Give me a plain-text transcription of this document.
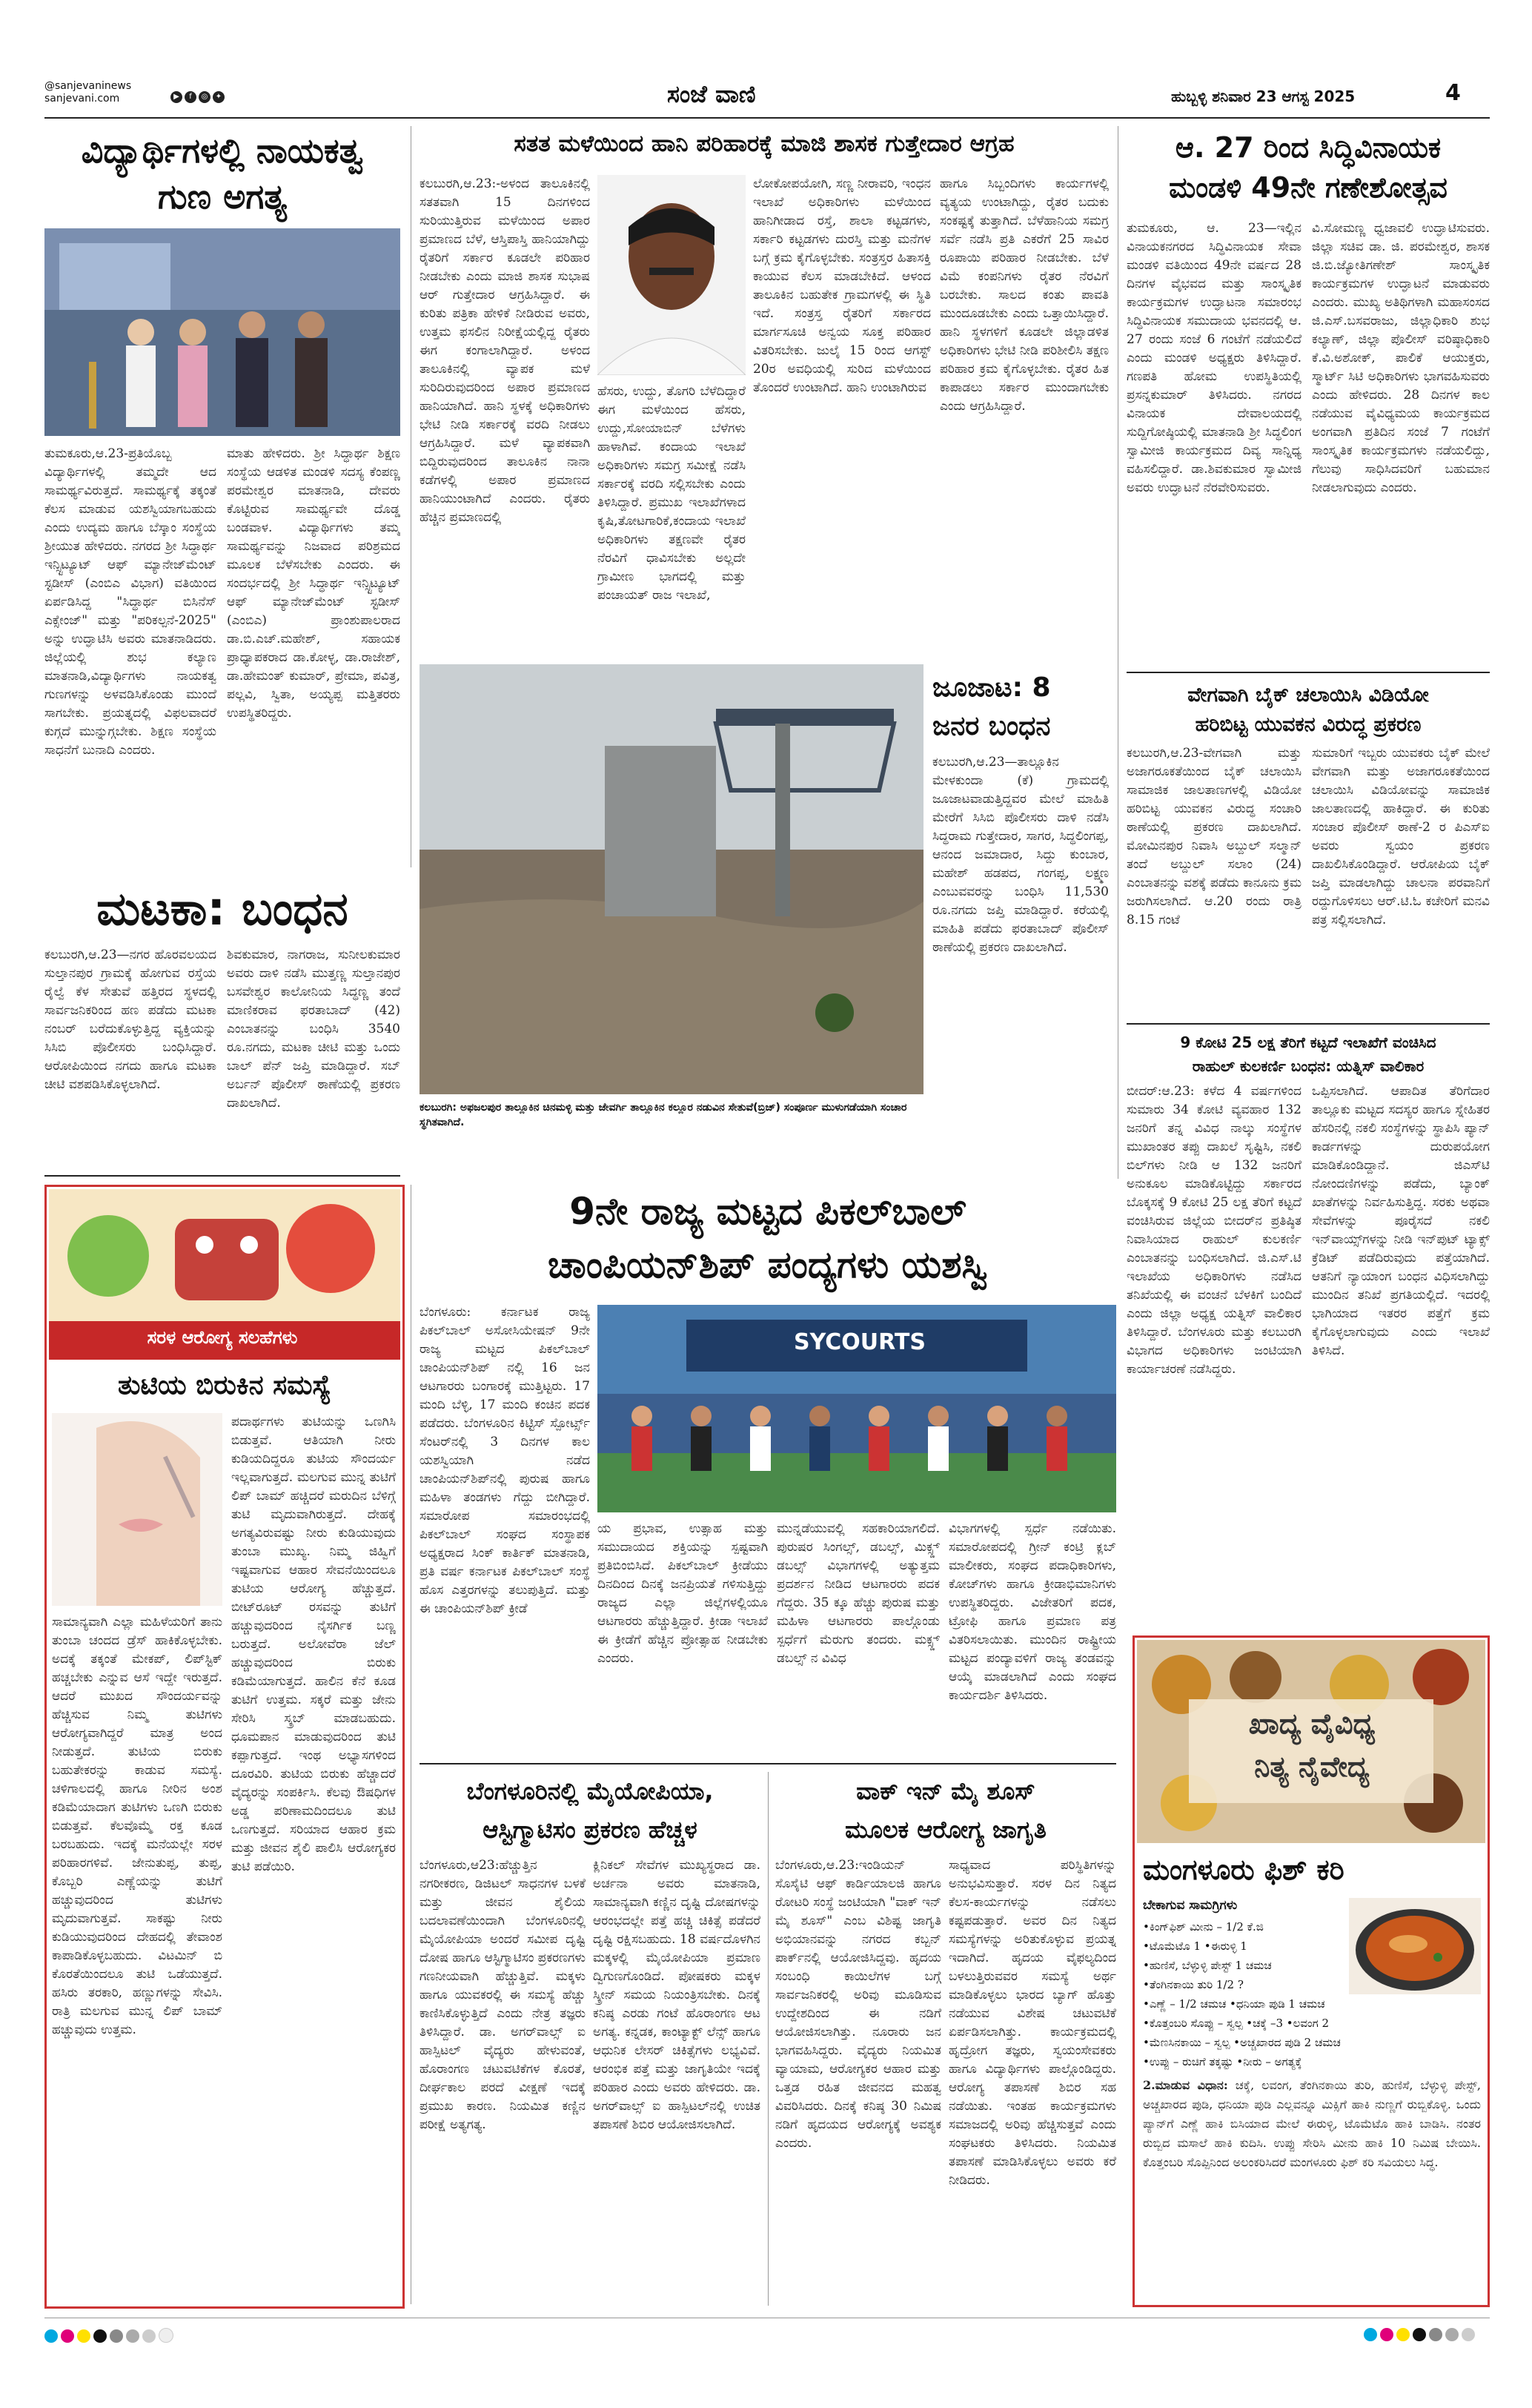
@sanjevaninews
sanjevani.com	▶ f ◎ ✦	ಸಂಜೆ ವಾಣಿ	ಹುಬ್ಬಳ್ಳಿ ಶನಿವಾರ 23 ಆಗಸ್ಟ 2025	4
ವಿದ್ಯಾರ್ಥಿಗಳಲ್ಲಿ ನಾಯಕತ್ವ
ಗುಣ ಅಗತ್ಯ
ತುಮಕೂರು,ಆ.23-ಪ್ರತಿಯೊಬ್ಬ ವಿದ್ಯಾರ್ಥಿಗಳಲ್ಲಿ ತಮ್ಮದೇ ಆದ ಸಾಮರ್ಥ್ಯವಿರುತ್ತದೆ. ಸಾಮರ್ಥ್ಯಕ್ಕೆ ತಕ್ಕಂತೆ ಕೆಲಸ ಮಾಡುವ ಯಶಸ್ವಿಯಾಗಬಹುದು ಎಂದು ಉದ್ಯಮ ಹಾಗೂ ಬೆಸ್ಕಾಂ ಸಂಸ್ಥೆಯ ಶ್ರೀಯುತ ಹೇಳಿದರು. ನಗರದ ಶ್ರೀ ಸಿದ್ಧಾರ್ಥ ಇನ್ಸ್ಟಿಟ್ಯೂಟ್ ಆಫ್ ಮ್ಯಾನೇಜ್‌ಮೆಂಟ್ ಸ್ಟಡೀಸ್ (ಎಂಬಿಎ ವಿಭಾಗ) ವತಿಯಿಂದ ಏರ್ಪಡಿಸಿದ್ದ "ಸಿದ್ಧಾರ್ಥ ಬಿಸಿನೆಸ್ ಎಕ್ಸೇಂಜ್" ಮತ್ತು "ಪರಿಕಲ್ಪನೆ-2025" ಅನ್ನು ಉದ್ಘಾಟಿಸಿ ಅವರು ಮಾತನಾಡಿದರು. ಜಿಲ್ಲೆಯಲ್ಲಿ ಶುಭ ಕಲ್ಯಾಣ ಮಾತನಾಡಿ,ವಿದ್ಯಾರ್ಥಿಗಳು ನಾಯಕತ್ವ ಗುಣಗಳನ್ನು ಅಳವಡಿಸಿಕೊಂಡು ಮುಂದೆ ಸಾಗಬೇಕು. ಪ್ರಯತ್ನದಲ್ಲಿ ವಿಫಲವಾದರೆ ಕುಗ್ಗದೆ ಮುನ್ನುಗ್ಗಬೇಕು. ಶಿಕ್ಷಣ ಸಂಸ್ಥೆಯ ಸಾಧನೆಗೆ ಬುನಾದಿ ಎಂದರು.
ಮಾತು ಹೇಳಿದರು. ಶ್ರೀ ಸಿದ್ಧಾರ್ಥ ಶಿಕ್ಷಣ ಸಂಸ್ಥೆಯ ಆಡಳಿತ ಮಂಡಳಿ ಸದಸ್ಯ ಕೆಂಪಣ್ಣ ಪರಮೇಶ್ವರ ಮಾತನಾಡಿ, ದೇವರು ಕೊಟ್ಟಿರುವ ಸಾಮರ್ಥ್ಯವೇ ದೊಡ್ಡ ಬಂಡವಾಳ. ವಿದ್ಯಾರ್ಥಿಗಳು ತಮ್ಮ ಸಾಮರ್ಥ್ಯವನ್ನು ನಿಜವಾದ ಪರಿಶ್ರಮದ ಮೂಲಕ ಬೆಳೆಸಬೇಕು ಎಂದರು. ಈ ಸಂದರ್ಭದಲ್ಲಿ ಶ್ರೀ ಸಿದ್ಧಾರ್ಥ ಇನ್ಸ್ಟಿಟ್ಯೂಟ್ ಆಫ್ ಮ್ಯಾನೇಜ್‌ಮೆಂಟ್ ಸ್ಟಡೀಸ್ (ಎಂಬಿಎ) ಪ್ರಾಂಶುಪಾಲರಾದ ಡಾ.ಬಿ.ಎಚ್.ಮಹೇಶ್, ಸಹಾಯಕ ಪ್ರಾಧ್ಯಾಪಕರಾದ ಡಾ.ಕೋಳ್ಳ, ಡಾ.ರಾಜೇಶ್, ಡಾ.ಹೇಮಂತ್ ಕುಮಾರ್, ಪ್ರೇಮಾ, ಪವಿತ್ರ, ಪಲ್ಲವಿ, ಸ್ವಿತಾ, ಅಯ್ಯಪ್ಪ ಮತ್ತಿತರರು ಉಪಸ್ಥಿತರಿದ್ದರು.
ಮಟಕಾ: ಬಂಧನ
ಕಲಬುರಗಿ,ಆ.23—ನಗರ ಹೊರವಲಯದ ಸುಲ್ತಾನಪುರ ಗ್ರಾಮಕ್ಕೆ ಹೋಗುವ ರಸ್ತೆಯ ರೈಲ್ವೆ ಕೆಳ ಸೇತುವೆ ಹತ್ತಿರದ ಸ್ಥಳದಲ್ಲಿ ಸಾರ್ವಜನಿಕರಿಂದ ಹಣ ಪಡೆದು ಮಟಕಾ ನಂಬರ್ ಬರೆದುಕೊಳ್ಳುತ್ತಿದ್ದ ವ್ಯಕ್ತಿಯನ್ನು ಸಿಸಿಬಿ ಪೊಲೀಸರು ಬಂಧಿಸಿದ್ದಾರೆ. ಆರೋಪಿಯಿಂದ ನಗದು ಹಾಗೂ ಮಟಕಾ ಚೀಟಿ ವಶಪಡಿಸಿಕೊಳ್ಳಲಾಗಿದೆ.
ಶಿವಕುಮಾರ, ನಾಗರಾಜ, ಸುನೀಲಕುಮಾರ ಅವರು ದಾಳಿ ನಡೆಸಿ ಮುತ್ತಣ್ಣ ಸುಲ್ತಾನಪುರ ಬಸವೇಶ್ವರ ಕಾಲೋನಿಯ ಸಿದ್ಧಣ್ಣ ತಂದೆ ಮಾಣಿಕರಾವ ಫರತಾಬಾದ್ (42) ಎಂಬಾತನನ್ನು ಬಂಧಿಸಿ 3540 ರೂ.ನಗದು, ಮಟಕಾ ಚೀಟಿ ಮತ್ತು ಒಂದು ಬಾಲ್ ಪೆನ್ ಜಪ್ತಿ ಮಾಡಿದ್ದಾರೆ. ಸಬ್ ಅರ್ಬನ್ ಪೊಲೀಸ್ ಠಾಣೆಯಲ್ಲಿ ಪ್ರಕರಣ ದಾಖಲಾಗಿದೆ.
ಸತತ ಮಳೆಯಿಂದ ಹಾನಿ ಪರಿಹಾರಕ್ಕೆ ಮಾಜಿ ಶಾಸಕ ಗುತ್ತೇದಾರ ಆಗ್ರಹ
ಕಲಬುರಗಿ,ಆ.23:-ಅಳಂದ ತಾಲೂಕಿನಲ್ಲಿ ಸತತವಾಗಿ 15 ದಿನಗಳಿಂದ ಸುರಿಯುತ್ತಿರುವ ಮಳೆಯಿಂದ ಅಪಾರ ಪ್ರಮಾಣದ ಬೆಳೆ, ಆಸ್ತಿಪಾಸ್ತಿ ಹಾನಿಯಾಗಿದ್ದು ರೈತರಿಗೆ ಸರ್ಕಾರ ಕೂಡಲೇ ಪರಿಹಾರ ನೀಡಬೇಕು ಎಂದು ಮಾಜಿ ಶಾಸಕ ಸುಭಾಷ ಆರ್ ಗುತ್ತೇದಾರ ಆಗ್ರಹಿಸಿದ್ದಾರೆ. ಈ ಕುರಿತು ಪತ್ರಿಕಾ ಹೇಳಿಕೆ ನೀಡಿರುವ ಅವರು, ಉತ್ತಮ ಫಸಲಿನ ನಿರೀಕ್ಷೆಯಲ್ಲಿದ್ದ ರೈತರು ಈಗ ಕಂಗಾಲಾಗಿದ್ದಾರೆ. ಅಳಂದ ತಾಲೂಕಿನಲ್ಲಿ ವ್ಯಾಪಕ ಮಳೆ ಸುರಿದಿರುವುದರಿಂದ ಅಪಾರ ಪ್ರಮಾಣದ ಹಾನಿಯಾಗಿದೆ. ಹಾನಿ ಸ್ಥಳಕ್ಕೆ ಅಧಿಕಾರಿಗಳು ಭೇಟಿ ನೀಡಿ ಸರ್ಕಾರಕ್ಕೆ ವರದಿ ನೀಡಲು ಆಗ್ರಹಿಸಿದ್ದಾರೆ. ಮಳೆ ವ್ಯಾಪಕವಾಗಿ ಬಿದ್ದಿರುವುದರಿಂದ ತಾಲೂಕಿನ ನಾನಾ ಕಡೆಗಳಲ್ಲಿ ಅಪಾರ ಪ್ರಮಾಣದ ಹಾನಿಯುಂಟಾಗಿದೆ ಎಂದರು. ರೈತರು ಹೆಚ್ಚಿನ ಪ್ರಮಾಣದಲ್ಲಿ
ಹೆಸರು, ಉದ್ದು, ತೊಗರಿ ಬೆಳೆದಿದ್ದಾರೆ ಈಗ ಮಳೆಯಿಂದ ಹೆಸರು, ಉದ್ದು,ಸೋಯಾಬಿನ್ ಬೆಳೆಗಳು ಹಾಳಾಗಿವೆ. ಕಂದಾಯ ಇಲಾಖೆ ಅಧಿಕಾರಿಗಳು ಸಮಗ್ರ ಸಮೀಕ್ಷೆ ನಡೆಸಿ ಸರ್ಕಾರಕ್ಕೆ ವರದಿ ಸಲ್ಲಿಸಬೇಕು ಎಂದು ತಿಳಿಸಿದ್ದಾರೆ. ಪ್ರಮುಖ ಇಲಾಖೆಗಳಾದ ಕೃಷಿ,ತೋಟಗಾರಿಕೆ,ಕಂದಾಯ ಇಲಾಖೆ ಅಧಿಕಾರಿಗಳು ತಕ್ಷಣವೇ ರೈತರ ನೆರವಿಗೆ ಧಾವಿಸಬೇಕು ಅಲ್ಲದೇ ಗ್ರಾಮೀಣ ಭಾಗದಲ್ಲಿ ಮತ್ತು ಪಂಚಾಯತ್ ರಾಜ ಇಲಾಖೆ,
ಲೋಕೋಪಯೋಗಿ, ಸಣ್ಣ ನೀರಾವರಿ, ಇಂಧನ ಇಲಾಖೆ ಅಧಿಕಾರಿಗಳು ಮಳೆಯಿಂದ ಹಾನಿಗೀಡಾದ ರಸ್ತೆ, ಶಾಲಾ ಕಟ್ಟಡಗಳು, ಸರ್ಕಾರಿ ಕಟ್ಟಡಗಳು ದುರಸ್ತಿ ಮತ್ತು ಮನೆಗಳ ಬಗ್ಗೆ ಕ್ರಮ ಕೈಗೊಳ್ಳಬೇಕು. ಸಂತ್ರಸ್ತರ ಹಿತಾಸಕ್ತಿ ಕಾಯುವ ಕೆಲಸ ಮಾಡಬೇಕಿದೆ. ಆಳಂದ ತಾಲೂಕಿನ ಬಹುತೇಕ ಗ್ರಾಮಗಳಲ್ಲಿ ಈ ಸ್ಥಿತಿ ಇದೆ. ಸಂತ್ರಸ್ತ ರೈತರಿಗೆ ಸರ್ಕಾರದ ಮಾರ್ಗಸೂಚಿ ಅನ್ವಯ ಸೂಕ್ತ ಪರಿಹಾರ ವಿತರಿಸಬೇಕು. ಜುಲೈ 15 ರಿಂದ ಆಗಸ್ಟ್ 20ರ ಅವಧಿಯಲ್ಲಿ ಸುರಿದ ಮಳೆಯಿಂದ ತೊಂದರೆ ಉಂಟಾಗಿದೆ. ಹಾನಿ ಉಂಟಾಗಿರುವ
ಹಾಗೂ ಸಿಬ್ಬಂದಿಗಳು ಕಾರ್ಯಗಳಲ್ಲಿ ವ್ಯತ್ಯಯ ಉಂಟಾಗಿದ್ದು, ರೈತರ ಬದುಕು ಸಂಕಷ್ಟಕ್ಕೆ ತುತ್ತಾಗಿದೆ. ಬೆಳೆಹಾನಿಯ ಸಮಗ್ರ ಸರ್ವೆ ನಡೆಸಿ ಪ್ರತಿ ಎಕರೆಗೆ 25 ಸಾವಿರ ರೂಪಾಯಿ ಪರಿಹಾರ ನೀಡಬೇಕು. ಬೆಳೆ ವಿಮೆ ಕಂಪನಿಗಳು ರೈತರ ನೆರವಿಗೆ ಬರಬೇಕು. ಸಾಲದ ಕಂತು ಪಾವತಿ ಮುಂದೂಡಬೇಕು ಎಂದು ಒತ್ತಾಯಿಸಿದ್ದಾರೆ. ಹಾನಿ ಸ್ಥಳಗಳಿಗೆ ಕೂಡಲೇ ಜಿಲ್ಲಾಡಳಿತ ಅಧಿಕಾರಿಗಳು ಭೇಟಿ ನೀಡಿ ಪರಿಶೀಲಿಸಿ ತಕ್ಷಣ ಪರಿಹಾರ ಕ್ರಮ ಕೈಗೊಳ್ಳಬೇಕು. ರೈತರ ಹಿತ ಕಾಪಾಡಲು ಸರ್ಕಾರ ಮುಂದಾಗಬೇಕು ಎಂದು ಆಗ್ರಹಿಸಿದ್ದಾರೆ.
ಕಲಬುರಗಿ: ಅಫಜಲಪುರ ತಾಲ್ಲೂಕಿನ ಚಿನಮಳ್ಳಿ ಮತ್ತು ಜೇವರ್ಗಿ ತಾಲ್ಲೂಕಿನ ಕಲ್ಲೂರ ನಡುವಿನ ಸೇತುವೆ(ಬ್ರಿಜ್) ಸಂಪೂರ್ಣ ಮುಳುಗಡೆಯಾಗಿ ಸಂಚಾರ ಸ್ಥಗಿತವಾಗಿದೆ.
ಜೂಜಾಟ: 8
ಜನರ ಬಂಧನ
ಕಲಬುರಗಿ,ಆ.23—ತಾಲ್ಲೂಕಿನ ಮೇಳಕುಂದಾ (ಕೆ) ಗ್ರಾಮದಲ್ಲಿ ಜೂಜಾಟವಾಡುತ್ತಿದ್ದವರ ಮೇಲೆ ಮಾಹಿತಿ ಮೇರೆಗೆ ಸಿಸಿಬಿ ಪೊಲೀಸರು ದಾಳಿ ನಡೆಸಿ ಸಿದ್ಧರಾಮ ಗುತ್ತೇದಾರ, ಸಾಗರ, ಸಿದ್ಧಲಿಂಗಪ್ಪ, ಆನಂದ ಜಮಾದಾರ, ಸಿದ್ದು ಕುಂಬಾರ, ಮಹೇಶ್ ಹಡಪದ, ಗಂಗಪ್ಪ, ಲಕ್ಷ್ಮಣ ಎಂಬುವವರನ್ನು ಬಂಧಿಸಿ 11,530 ರೂ.ನಗದು ಜಪ್ತಿ ಮಾಡಿದ್ದಾರೆ. ಕರೆಯಲ್ಲಿ ಮಾಹಿತಿ ಪಡೆದು ಫರತಾಬಾದ್ ಪೊಲೀಸ್ ಠಾಣೆಯಲ್ಲಿ ಪ್ರಕರಣ ದಾಖಲಾಗಿದೆ.
ಆ. 27 ರಿಂದ ಸಿದ್ಧಿವಿನಾಯಕ
ಮಂಡಳಿ 49ನೇ ಗಣೇಶೋತ್ಸವ
ತುಮಕೂರು, ಆ. 23—ಇಲ್ಲಿನ ವಿನಾಯಕನಗರದ ಸಿದ್ಧಿವಿನಾಯಕ ಸೇವಾ ಮಂಡಳಿ ವತಿಯಿಂದ 49ನೇ ವರ್ಷದ 28 ದಿನಗಳ ವೈಭವದ ಮತ್ತು ಸಾಂಸ್ಕೃತಿಕ ಕಾರ್ಯಕ್ರಮಗಳ ಉದ್ಘಾಟನಾ ಸಮಾರಂಭ ಸಿದ್ಧಿವಿನಾಯಕ ಸಮುದಾಯ ಭವನದಲ್ಲಿ ಆ. 27 ರಂದು ಸಂಜೆ 6 ಗಂಟೆಗೆ ನಡೆಯಲಿದೆ ಎಂದು ಮಂಡಳಿ ಅಧ್ಯಕ್ಷರು ತಿಳಿಸಿದ್ದಾರೆ. ಗಣಪತಿ ಹೋಮ ಉಪಸ್ಥಿತಿಯಲ್ಲಿ ಪ್ರಸನ್ನಕುಮಾರ್ ತಿಳಿಸಿದರು. ನಗರದ ವಿನಾಯಕ ದೇವಾಲಯದಲ್ಲಿ ಸುದ್ದಿಗೋಷ್ಠಿಯಲ್ಲಿ ಮಾತನಾಡಿ ಶ್ರೀ ಸಿದ್ಧಲಿಂಗ ಸ್ವಾಮೀಜಿ ಕಾರ್ಯಕ್ರಮದ ದಿವ್ಯ ಸಾನ್ನಿಧ್ಯ ವಹಿಸಲಿದ್ದಾರೆ. ಡಾ.ಶಿವಕುಮಾರ ಸ್ವಾಮೀಜಿ ಅವರು ಉದ್ಘಾಟನೆ ನೆರವೇರಿಸುವರು.
ವಿ.ಸೋಮಣ್ಣ ಧ್ವಜಾವಲಿ ಉದ್ಘಾಟಿಸುವರು. ಜಿಲ್ಲಾ ಸಚಿವ ಡಾ. ಜಿ. ಪರಮೇಶ್ವರ, ಶಾಸಕ ಜಿ.ಬಿ.ಜ್ಯೋತಿಗಣೇಶ್ ಸಾಂಸ್ಕೃತಿಕ ಕಾರ್ಯಕ್ರಮಗಳ ಉದ್ಘಾಟನೆ ಮಾಡುವರು ಎಂದರು. ಮುಖ್ಯ ಅತಿಥಿಗಳಾಗಿ ಮಹಾಸಂಸದ ಜಿ.ಎಸ್.ಬಸವರಾಜು, ಜಿಲ್ಲಾಧಿಕಾರಿ ಶುಭ ಕಲ್ಯಾಣ್, ಜಿಲ್ಲಾ ಪೊಲೀಸ್ ವರಿಷ್ಠಾಧಿಕಾರಿ ಕೆ.ವಿ.ಅಶೋಕ್, ಪಾಲಿಕೆ ಆಯುಕ್ತರು, ಸ್ಮಾರ್ಟ್ ಸಿಟಿ ಅಧಿಕಾರಿಗಳು ಭಾಗವಹಿಸುವರು ಎಂದು ಹೇಳಿದರು. 28 ದಿನಗಳ ಕಾಲ ನಡೆಯುವ ವೈವಿಧ್ಯಮಯ ಕಾರ್ಯಕ್ರಮದ ಅಂಗವಾಗಿ ಪ್ರತಿದಿನ ಸಂಜೆ 7 ಗಂಟೆಗೆ ಸಾಂಸ್ಕೃತಿಕ ಕಾರ್ಯಕ್ರಮಗಳು ನಡೆಯಲಿದ್ದು, ಗೆಲುವು ಸಾಧಿಸಿದವರಿಗೆ ಬಹುಮಾನ ನೀಡಲಾಗುವುದು ಎಂದರು.
ವೇಗವಾಗಿ ಬೈಕ್ ಚಲಾಯಿಸಿ ವಿಡಿಯೋ
ಹರಿಬಿಟ್ಟ ಯುವಕನ ವಿರುದ್ಧ ಪ್ರಕರಣ
ಕಲಬುರಗಿ,ಆ.23-ವೇಗವಾಗಿ ಮತ್ತು ಅಜಾಗರೂಕತೆಯಿಂದ ಬೈಕ್ ಚಲಾಯಿಸಿ ಸಾಮಾಜಿಕ ಜಾಲತಾಣಗಳಲ್ಲಿ ವಿಡಿಯೋ ಹರಿಬಿಟ್ಟ ಯುವಕನ ವಿರುದ್ಧ ಸಂಚಾರಿ ಠಾಣೆಯಲ್ಲಿ ಪ್ರಕರಣ ದಾಖಲಾಗಿದೆ. ಮೋಮಿನಪುರ ನಿವಾಸಿ ಅಬ್ದುಲ್ ಸಲ್ಮಾನ್ ತಂದೆ ಅಬ್ದುಲ್ ಸಲಾಂ (24) ಎಂಬಾತನನ್ನು ವಶಕ್ಕೆ ಪಡೆದು ಕಾನೂನು ಕ್ರಮ ಜರುಗಿಸಲಾಗಿದೆ. ಆ.20 ರಂದು ರಾತ್ರಿ 8.15 ಗಂಟೆ
ಸುಮಾರಿಗೆ ಇಬ್ಬರು ಯುವಕರು ಬೈಕ್ ಮೇಲೆ ವೇಗವಾಗಿ ಮತ್ತು ಅಜಾಗರೂಕತೆಯಿಂದ ಚಲಾಯಿಸಿ ವಿಡಿಯೋವನ್ನು ಸಾಮಾಜಿಕ ಜಾಲತಾಣದಲ್ಲಿ ಹಾಕಿದ್ದಾರೆ. ಈ ಕುರಿತು ಸಂಚಾರ ಪೊಲೀಸ್ ಠಾಣೆ-2 ರ ಪಿಎಸ್‌ಐ ಅವರು ಸ್ವಯಂ ಪ್ರಕರಣ ದಾಖಲಿಸಿಕೊಂಡಿದ್ದಾರೆ. ಆರೋಪಿಯ ಬೈಕ್ ಜಪ್ತಿ ಮಾಡಲಾಗಿದ್ದು ಚಾಲನಾ ಪರವಾನಿಗೆ ರದ್ದುಗೊಳಿಸಲು ಆರ್.ಟಿ.ಓ ಕಚೇರಿಗೆ ಮನವಿ ಪತ್ರ ಸಲ್ಲಿಸಲಾಗಿದೆ.
9 ಕೋಟಿ 25 ಲಕ್ಷ ತೆರಿಗೆ ಕಟ್ಟದೆ ಇಲಾಖೆಗೆ ವಂಚಿಸಿದ
ರಾಹುಲ್ ಕುಲಕರ್ಣಿ ಬಂಧನ: ಯತ್ನಿಸ್ ವಾಲಿಕಾರ
ಬೀದರ್:ಆ.23: ಕಳೆದ 4 ವರ್ಷಗಳಿಂದ ಸುಮಾರು 34 ಕೋಟಿ ವ್ಯವಹಾರ 132 ಜನರಿಗೆ ತನ್ನ ವಿವಿಧ ನಾಲ್ಕು ಸಂಸ್ಥೆಗಳ ಮುಖಾಂತರ ತಪ್ಪು ದಾಖಲೆ ಸೃಷ್ಟಿಸಿ, ನಕಲಿ ಬಿಲ್‌ಗಳು ನೀಡಿ ಆ 132 ಜನರಿಗೆ ಅನುಕೂಲ ಮಾಡಿಕೊಟ್ಟಿದ್ದು ಸರ್ಕಾರದ ಬೊಕ್ಕಸಕ್ಕೆ 9 ಕೋಟಿ 25 ಲಕ್ಷ ತೆರಿಗೆ ಕಟ್ಟದೆ ವಂಚಿಸಿರುವ ಜಿಲ್ಲೆಯ ಬೀದರ್‌ನ ಪ್ರತಿಷ್ಠಿತ ನಿವಾಸಿಯಾದ ರಾಹುಲ್ ಕುಲಕರ್ಣಿ ಎಂಬಾತನನ್ನು ಬಂಧಿಸಲಾಗಿದೆ. ಜಿ.ಎಸ್.ಟಿ ಇಲಾಖೆಯ ಅಧಿಕಾರಿಗಳು ನಡೆಸಿದ ತನಿಖೆಯಲ್ಲಿ ಈ ವಂಚನೆ ಬೆಳಕಿಗೆ ಬಂದಿದೆ ಎಂದು ಜಿಲ್ಲಾ ಅಧ್ಯಕ್ಷ ಯತ್ನಿಸ್ ವಾಲಿಕಾರ ತಿಳಿಸಿದ್ದಾರೆ. ಬೆಂಗಳೂರು ಮತ್ತು ಕಲಬುರಗಿ ವಿಭಾಗದ ಅಧಿಕಾರಿಗಳು ಜಂಟಿಯಾಗಿ ಕಾರ್ಯಾಚರಣೆ ನಡೆಸಿದ್ದರು.
ಒಪ್ಪಿಸಲಾಗಿದೆ. ಆಪಾದಿತ ತೆರಿಗೆದಾರ ತಾಲ್ಲೂಕು ಮಟ್ಟದ ಸದಸ್ಯರ ಹಾಗೂ ಸ್ನೇಹಿತರ ಹೆಸರಿನಲ್ಲಿ ನಕಲಿ ಸಂಸ್ಥೆಗಳನ್ನು ಸ್ಥಾಪಿಸಿ ಪ್ಯಾನ್ ಕಾರ್ಡಗಳನ್ನು ದುರುಪಯೋಗ ಮಾಡಿಕೊಂಡಿದ್ದಾನೆ. ಜಿಎಸ್‌ಟಿ ನೋಂದಣಿಗಳನ್ನು ಪಡೆದು, ಬ್ಯಾಂಕ್ ಖಾತೆಗಳನ್ನು ನಿರ್ವಹಿಸುತ್ತಿದ್ದ. ಸರಕು ಅಥವಾ ಸೇವೆಗಳನ್ನು ಪೂರೈಸದೆ ನಕಲಿ ಇನ್‌ವಾಯ್ಸ್‌ಗಳನ್ನು ನೀಡಿ ಇನ್‌ಪುಟ್ ಟ್ಯಾಕ್ಸ್ ಕ್ರೆಡಿಟ್ ಪಡೆದಿರುವುದು ಪತ್ತೆಯಾಗಿದೆ. ಆತನಿಗೆ ನ್ಯಾಯಾಂಗ ಬಂಧನ ವಿಧಿಸಲಾಗಿದ್ದು ಮುಂದಿನ ತನಿಖೆ ಪ್ರಗತಿಯಲ್ಲಿದೆ. ಇದರಲ್ಲಿ ಭಾಗಿಯಾದ ಇತರರ ಪತ್ತೆಗೆ ಕ್ರಮ ಕೈಗೊಳ್ಳಲಾಗುವುದು ಎಂದು ಇಲಾಖೆ ತಿಳಿಸಿದೆ.
ಸರಳ ಆರೋಗ್ಯ ಸಲಹೆಗಳು
ತುಟಿಯ ಬಿರುಕಿನ ಸಮಸ್ಯೆ
ಸಾಮಾನ್ಯವಾಗಿ ಎಲ್ಲಾ ಮಹಿಳೆಯರಿಗೆ ತಾನು ತುಂಬಾ ಚಂದದ ಡ್ರೆಸ್ ಹಾಕಿಕೊಳ್ಳಬೇಕು. ಅದಕ್ಕೆ ತಕ್ಕಂತೆ ಮೇಕಪ್, ಲಿಪ್‌ಸ್ಟಿಕ್ ಹಚ್ಚಬೇಕು ಎನ್ನುವ ಆಸೆ ಇದ್ದೇ ಇರುತ್ತದೆ. ಆದರೆ ಮುಖದ ಸೌಂದರ್ಯವನ್ನು ಹೆಚ್ಚಿಸುವ ನಿಮ್ಮ ತುಟಿಗಳು ಆರೋಗ್ಯವಾಗಿದ್ದರೆ ಮಾತ್ರ ಅಂದ ನೀಡುತ್ತದೆ. ತುಟಿಯ ಬಿರುಕು ಬಹುತೇಕರನ್ನು ಕಾಡುವ ಸಮಸ್ಯೆ. ಚಳಿಗಾಲದಲ್ಲಿ ಹಾಗೂ ನೀರಿನ ಅಂಶ ಕಡಿಮೆಯಾದಾಗ ತುಟಿಗಳು ಒಣಗಿ ಬಿರುಕು ಬಿಡುತ್ತವೆ. ಕೆಲವೊಮ್ಮೆ ರಕ್ತ ಕೂಡ ಬರಬಹುದು. ಇದಕ್ಕೆ ಮನೆಯಲ್ಲೇ ಸರಳ ಪರಿಹಾರಗಳಿವೆ. ಜೇನುತುಪ್ಪ, ತುಪ್ಪ, ಕೊಬ್ಬರಿ ಎಣ್ಣೆಯನ್ನು ತುಟಿಗೆ ಹಚ್ಚುವುದರಿಂದ ತುಟಿಗಳು ಮೃದುವಾಗುತ್ತವೆ. ಸಾಕಷ್ಟು ನೀರು ಕುಡಿಯುವುದರಿಂದ ದೇಹದಲ್ಲಿ ತೇವಾಂಶ ಕಾಪಾಡಿಕೊಳ್ಳಬಹುದು. ವಿಟಮಿನ್ ಬಿ ಕೊರತೆಯಿಂದಲೂ ತುಟಿ ಒಡೆಯುತ್ತದೆ. ಹಸಿರು ತರಕಾರಿ, ಹಣ್ಣುಗಳನ್ನು ಸೇವಿಸಿ. ರಾತ್ರಿ ಮಲಗುವ ಮುನ್ನ ಲಿಪ್ ಬಾಮ್ ಹಚ್ಚುವುದು ಉತ್ತಮ.
ಪದಾರ್ಥಗಳು ತುಟಿಯನ್ನು ಒಣಗಿಸಿ ಬಿಡುತ್ತವೆ. ಆತಿಯಾಗಿ ನೀರು ಕುಡಿಯದಿದ್ದರೂ ತುಟಿಯ ಸೌಂದರ್ಯ ಇಲ್ಲವಾಗುತ್ತದೆ. ಮಲಗುವ ಮುನ್ನ ತುಟಿಗೆ ಲಿಪ್ ಬಾಮ್ ಹಚ್ಚಿದರೆ ಮರುದಿನ ಬೆಳಿಗ್ಗೆ ತುಟಿ ಮೃದುವಾಗಿರುತ್ತದೆ. ದೇಹಕ್ಕೆ ಅಗತ್ಯವಿರುವಷ್ಟು ನೀರು ಕುಡಿಯುವುದು ತುಂಬಾ ಮುಖ್ಯ. ನಿಮ್ಮ ಜಿಹ್ವಿಗೆ ಇಷ್ಟವಾಗುವ ಆಹಾರ ಸೇವನೆಯಿಂದಲೂ ತುಟಿಯ ಆರೋಗ್ಯ ಹೆಚ್ಚುತ್ತದೆ. ಬೀಟ್‌ರೂಟ್ ರಸವನ್ನು ತುಟಿಗೆ ಹಚ್ಚುವುದರಿಂದ ನೈಸರ್ಗಿಕ ಬಣ್ಣ ಬರುತ್ತದೆ. ಅಲೋವೆರಾ ಜೆಲ್ ಹಚ್ಚುವುದರಿಂದ ಬಿರುಕು ಕಡಿಮೆಯಾಗುತ್ತದೆ. ಹಾಲಿನ ಕೆನೆ ಕೂಡ ತುಟಿಗೆ ಉತ್ತಮ. ಸಕ್ಕರೆ ಮತ್ತು ಜೇನು ಸೇರಿಸಿ ಸ್ಕ್ರಬ್ ಮಾಡಬಹುದು. ಧೂಮಪಾನ ಮಾಡುವುದರಿಂದ ತುಟಿ ಕಪ್ಪಾಗುತ್ತದೆ. ಇಂಥ ಅಭ್ಯಾಸಗಳಿಂದ ದೂರವಿರಿ. ತುಟಿಯ ಬಿರುಕು ಹೆಚ್ಚಾದರೆ ವೈದ್ಯರನ್ನು ಸಂಪರ್ಕಿಸಿ. ಕೆಲವು ಔಷಧಿಗಳ ಅಡ್ಡ ಪರಿಣಾಮದಿಂದಲೂ ತುಟಿ ಒಣಗುತ್ತದೆ. ಸರಿಯಾದ ಆಹಾರ ಕ್ರಮ ಮತ್ತು ಜೀವನ ಶೈಲಿ ಪಾಲಿಸಿ ಆರೋಗ್ಯಕರ ತುಟಿ ಪಡೆಯಿರಿ.
9ನೇ ರಾಜ್ಯ ಮಟ್ಟದ ಪಿಕಲ್‌ಬಾಲ್
ಚಾಂಪಿಯನ್‌ಶಿಪ್ ಪಂದ್ಯಗಳು ಯಶಸ್ವಿ
ಬೆಂಗಳೂರು: ಕರ್ನಾಟಕ ರಾಜ್ಯ ಪಿಕಲ್‌ಬಾಲ್ ಅಸೋಸಿಯೇಷನ್ 9ನೇ ರಾಜ್ಯ ಮಟ್ಟದ ಪಿಕಲ್‌ಬಾಲ್ ಚಾಂಪಿಯನ್‌ಶಿಪ್ ನಲ್ಲಿ 16 ಜನ ಆಟಗಾರರು ಬಂಗಾರಕ್ಕೆ ಮುತ್ತಿಟ್ಟರು. 17 ಮಂದಿ ಬೆಳ್ಳಿ, 17 ಮಂದಿ ಕಂಚಿನ ಪದಕ ಪಡೆದರು. ಬೆಂಗಳೂರಿನ ಕಿಟ್ಟಿಸ್ ಸ್ಪೋರ್ಟ್ಸ್ ಸೆಂಟರ್‌ನಲ್ಲಿ 3 ದಿನಗಳ ಕಾಲ ಯಶಸ್ವಿಯಾಗಿ ನಡೆದ ಚಾಂಪಿಯನ್‌ಶಿಪ್‌ನಲ್ಲಿ ಪುರುಷ ಹಾಗೂ ಮಹಿಳಾ ತಂಡಗಳು ಗೆದ್ದು ಬೀಗಿದ್ದಾರೆ. ಸಮಾರೋಪ ಸಮಾರಂಭದಲ್ಲಿ ಪಿಕಲ್‌ಬಾಲ್ ಸಂಘದ ಸಂಸ್ಥಾಪಕ ಅಧ್ಯಕ್ಷರಾದ ಸಿಂಕ್ ಕಾರ್ತಿಕ್ ಮಾತನಾಡಿ, ಪ್ರತಿ ವರ್ಷ ಕರ್ನಾಟಕ ಪಿಕಲ್‌ಬಾಲ್ ಸಂಸ್ಥೆ ಹೊಸ ಎತ್ತರಗಳನ್ನು ತಲುಪುತ್ತಿದೆ. ಮತ್ತು ಈ ಚಾಂಪಿಯನ್‌ಶಿಪ್ ಕ್ರೀಡೆ
SYCOURTS
ಯ ಪ್ರಭಾವ, ಉತ್ಸಾಹ ಮತ್ತು ಸಮುದಾಯದ ಶಕ್ತಿಯನ್ನು ಸ್ಪಷ್ಟವಾಗಿ ಪ್ರತಿಬಿಂಬಿಸಿದೆ. ಪಿಕಲ್‌ಬಾಲ್ ಕ್ರೀಡೆಯು ದಿನದಿಂದ ದಿನಕ್ಕೆ ಜನಪ್ರಿಯತೆ ಗಳಿಸುತ್ತಿದ್ದು ರಾಜ್ಯದ ಎಲ್ಲಾ ಜಿಲ್ಲೆಗಳಲ್ಲಿಯೂ ಆಟಗಾರರು ಹೆಚ್ಚುತ್ತಿದ್ದಾರೆ. ಕ್ರೀಡಾ ಇಲಾಖೆ ಈ ಕ್ರೀಡೆಗೆ ಹೆಚ್ಚಿನ ಪ್ರೋತ್ಸಾಹ ನೀಡಬೇಕು ಎಂದರು.
ಮುನ್ನಡೆಯುವಲ್ಲಿ ಸಹಕಾರಿಯಾಗಲಿದೆ. ಪುರುಷರ ಸಿಂಗಲ್ಸ್, ಡಬಲ್ಸ್, ಮಿಕ್ಸ್ಡ್ ಡಬಲ್ಸ್ ವಿಭಾಗಗಳಲ್ಲಿ ಅತ್ಯುತ್ತಮ ಪ್ರದರ್ಶನ ನೀಡಿದ ಆಟಗಾರರು ಪದಕ ಗೆದ್ದರು. 35 ಕ್ಕೂ ಹೆಚ್ಚು ಪುರುಷ ಮತ್ತು ಮಹಿಳಾ ಆಟಗಾರರು ಪಾಲ್ಗೊಂಡು ಸ್ಪರ್ಧೆಗೆ ಮೆರುಗು ತಂದರು. ಮಕ್ಸ್ಡ್ ಡಬಲ್ಸ್ ನ ವಿವಿಧ
ವಿಭಾಗಗಳಲ್ಲಿ ಸ್ಪರ್ಧೆ ನಡೆಯಿತು. ಸಮಾರೋಪದಲ್ಲಿ ಗ್ರೀನ್ ಕಂಟ್ರಿ ಕ್ಲಬ್ ಮಾಲೀಕರು, ಸಂಘದ ಪದಾಧಿಕಾರಿಗಳು, ಕೋಚ್‌ಗಳು ಹಾಗೂ ಕ್ರೀಡಾಭಿಮಾನಿಗಳು ಉಪಸ್ಥಿತರಿದ್ದರು. ವಿಜೇತರಿಗೆ ಪದಕ, ಟ್ರೋಫಿ ಹಾಗೂ ಪ್ರಮಾಣ ಪತ್ರ ವಿತರಿಸಲಾಯಿತು. ಮುಂದಿನ ರಾಷ್ಟ್ರೀಯ ಮಟ್ಟದ ಪಂದ್ಯಾವಳಿಗೆ ರಾಜ್ಯ ತಂಡವನ್ನು ಆಯ್ಕೆ ಮಾಡಲಾಗಿದೆ ಎಂದು ಸಂಘದ ಕಾರ್ಯದರ್ಶಿ ತಿಳಿಸಿದರು.
ಬೆಂಗಳೂರಿನಲ್ಲಿ ಮೈಯೋಪಿಯಾ,
ಆಸ್ಟಿಗ್ಮಾಟಿಸಂ ಪ್ರಕರಣ ಹೆಚ್ಚಳ
ಬೆಂಗಳೂರು,ಆ23:ಹೆಚ್ಚುತ್ತಿನ ನಗರೀಕರಣ, ಡಿಜಿಟಲ್ ಸಾಧನಗಳ ಬಳಕೆ ಮತ್ತು ಜೀವನ ಶೈಲಿಯ ಬದಲಾವಣೆಯಿಂದಾಗಿ ಬೆಂಗಳೂರಿನಲ್ಲಿ ಮೈಯೋಪಿಯಾ ಅಂದರೆ ಸಮೀಪ ದೃಷ್ಟಿ ದೋಷ ಹಾಗೂ ಆಸ್ಟಿಗ್ಮಾಟಿಸಂ ಪ್ರಕರಣಗಳು ಗಣನೀಯವಾಗಿ ಹೆಚ್ಚುತ್ತಿವೆ. ಮಕ್ಕಳು ಹಾಗೂ ಯುವಕರಲ್ಲಿ ಈ ಸಮಸ್ಯೆ ಹೆಚ್ಚು ಕಾಣಿಸಿಕೊಳ್ಳುತ್ತಿದೆ ಎಂದು ನೇತ್ರ ತಜ್ಞರು ತಿಳಿಸಿದ್ದಾರೆ. ಡಾ. ಅಗರ್‌ವಾಲ್ಸ್ ಐ ಹಾಸ್ಪಿಟಲ್ ವೈದ್ಯರು ಹೇಳುವಂತೆ, ಹೊರಾಂಗಣ ಚಟುವಟಿಕೆಗಳ ಕೊರತೆ, ದೀರ್ಘಕಾಲ ಪರದೆ ವೀಕ್ಷಣೆ ಇದಕ್ಕೆ ಪ್ರಮುಖ ಕಾರಣ. ನಿಯಮಿತ ಕಣ್ಣಿನ ಪರೀಕ್ಷೆ ಅತ್ಯಗತ್ಯ.
ಕ್ಲಿನಿಕಲ್ ಸೇವೆಗಳ ಮುಖ್ಯಸ್ಥರಾದ ಡಾ. ಅರ್ಚನಾ ಅವರು ಮಾತನಾಡಿ, ಸಾಮಾನ್ಯವಾಗಿ ಕಣ್ಣಿನ ದೃಷ್ಟಿ ದೋಷಗಳನ್ನು ಆರಂಭದಲ್ಲೇ ಪತ್ತೆ ಹಚ್ಚಿ ಚಿಕಿತ್ಸೆ ಪಡೆದರೆ ದೃಷ್ಟಿ ರಕ್ಷಿಸಬಹುದು. 18 ವರ್ಷದೊಳಗಿನ ಮಕ್ಕಳಲ್ಲಿ ಮೈಯೋಪಿಯಾ ಪ್ರಮಾಣ ದ್ವಿಗುಣಗೊಂಡಿದೆ. ಪೋಷಕರು ಮಕ್ಕಳ ಸ್ಕ್ರೀನ್ ಸಮಯ ನಿಯಂತ್ರಿಸಬೇಕು. ದಿನಕ್ಕೆ ಕನಿಷ್ಠ ಎರಡು ಗಂಟೆ ಹೊರಾಂಗಣ ಆಟ ಅಗತ್ಯ. ಕನ್ನಡಕ, ಕಾಂಟ್ಯಾಕ್ಟ್ ಲೆನ್ಸ್ ಹಾಗೂ ಆಧುನಿಕ ಲೇಸರ್ ಚಿಕಿತ್ಸೆಗಳು ಲಭ್ಯವಿವೆ. ಆರಂಭಿಕ ಪತ್ತೆ ಮತ್ತು ಜಾಗೃತಿಯೇ ಇದಕ್ಕೆ ಪರಿಹಾರ ಎಂದು ಅವರು ಹೇಳಿದರು. ಡಾ. ಅಗರ್‌ವಾಲ್ಸ್ ಐ ಹಾಸ್ಪಿಟಲ್‌ನಲ್ಲಿ ಉಚಿತ ತಪಾಸಣೆ ಶಿಬಿರ ಆಯೋಜಿಸಲಾಗಿದೆ.
ವಾಕ್ ಇನ್ ಮೈ ಶೂಸ್
ಮೂಲಕ ಆರೋಗ್ಯ ಜಾಗೃತಿ
ಬೆಂಗಳೂರು,ಆ.23:ಇಂಡಿಯನ್ ಸೊಸೈಟಿ ಆಫ್ ಕಾರ್ಡಿಯಾಲಜಿ ಹಾಗೂ ರೋಟರಿ ಸಂಸ್ಥೆ ಜಂಟಿಯಾಗಿ "ವಾಕ್ ಇನ್ ಮೈ ಶೂಸ್" ಎಂಬ ವಿಶಿಷ್ಟ ಜಾಗೃತಿ ಅಭಿಯಾನವನ್ನು ನಗರದ ಕಬ್ಬನ್ ಪಾರ್ಕ್‌ನಲ್ಲಿ ಆಯೋಜಿಸಿದ್ದವು. ಹೃದಯ ಸಂಬಂಧಿ ಕಾಯಿಲೆಗಳ ಬಗ್ಗೆ ಸಾರ್ವಜನಿಕರಲ್ಲಿ ಅರಿವು ಮೂಡಿಸುವ ಉದ್ದೇಶದಿಂದ ಈ ನಡಿಗೆ ಆಯೋಜಿಸಲಾಗಿತ್ತು. ನೂರಾರು ಜನ ಭಾಗವಹಿಸಿದ್ದರು. ವೈದ್ಯರು ನಿಯಮಿತ ವ್ಯಾಯಾಮ, ಆರೋಗ್ಯಕರ ಆಹಾರ ಮತ್ತು ಒತ್ತಡ ರಹಿತ ಜೀವನದ ಮಹತ್ವ ವಿವರಿಸಿದರು. ದಿನಕ್ಕೆ ಕನಿಷ್ಠ 30 ನಿಮಿಷ ನಡಿಗೆ ಹೃದಯದ ಆರೋಗ್ಯಕ್ಕೆ ಅವಶ್ಯಕ ಎಂದರು.
ಸಾಧ್ಯವಾದ ಪರಿಸ್ಥಿತಿಗಳನ್ನು ಅನುಭವಿಸುತ್ತಾರೆ. ಸರಳ ದಿನ ನಿತ್ಯದ ಕೆಲಸ-ಕಾರ್ಯಗಳನ್ನು ನಡೆಸಲು ಕಷ್ಟಪಡುತ್ತಾರೆ. ಅವರ ದಿನ ನಿತ್ಯದ ಸಮಸ್ಯೆಗಳನ್ನು ಅರಿತುಕೊಳ್ಳುವ ಪ್ರಯತ್ನ ಇದಾಗಿದೆ. ಹೃದಯ ವೈಫಲ್ಯದಿಂದ ಬಳಲುತ್ತಿರುವವರ ಸಮಸ್ಯೆ ಅರ್ಥ ಮಾಡಿಕೊಳ್ಳಲು ಭಾರದ ಬ್ಯಾಗ್ ಹೊತ್ತು ನಡೆಯುವ ವಿಶೇಷ ಚಟುವಟಿಕೆ ಏರ್ಪಡಿಸಲಾಗಿತ್ತು. ಕಾರ್ಯಕ್ರಮದಲ್ಲಿ ಹೃದ್ರೋಗ ತಜ್ಞರು, ಸ್ವಯಂಸೇವಕರು ಹಾಗೂ ವಿದ್ಯಾರ್ಥಿಗಳು ಪಾಲ್ಗೊಂಡಿದ್ದರು. ಆರೋಗ್ಯ ತಪಾಸಣೆ ಶಿಬಿರ ಸಹ ನಡೆಯಿತು. ಇಂತಹ ಕಾರ್ಯಕ್ರಮಗಳು ಸಮಾಜದಲ್ಲಿ ಅರಿವು ಹೆಚ್ಚಿಸುತ್ತವೆ ಎಂದು ಸಂಘಟಕರು ತಿಳಿಸಿದರು. ನಿಯಮಿತ ತಪಾಸಣೆ ಮಾಡಿಸಿಕೊಳ್ಳಲು ಅವರು ಕರೆ ನೀಡಿದರು.
ಖಾದ್ಯ ವೈವಿಧ್ಯ
ನಿತ್ಯ ನೈವೇದ್ಯ
ಮಂಗಳೂರು ಫಿಶ್ ಕರಿ
ಬೇಕಾಗುವ ಸಾಮಗ್ರಿಗಳು
•ಕಿಂಗ್‌ಫಿಶ್ ಮೀನು – 1/2 ಕೆ.ಜಿ
•ಟೊಮೆಟೊ 1 •ಈರುಳ್ಳಿ 1
•ಹುಣಿಸೆ, ಬೆಳ್ಳುಳ್ಳಿ ಪೇಸ್ಟ್ 1 ಚಮಚ
•ತೆಂಗಿನಕಾಯಿ ತುರಿ 1/2 ?
•ಎಣ್ಣೆ – 1/2 ಚಮಚ •ಧನಿಯಾ ಪುಡಿ 1 ಚಮಚ
•ಕೊತ್ತಂಬರಿ ಸೊಪ್ಪು – ಸ್ವಲ್ಪ •ಚಕ್ಕೆ –3 •ಲವಂಗ 2
•ಮೆಣಸಿನಕಾಯಿ – ಸ್ವಲ್ಪ •ಅಚ್ಚಖಾರದ ಪುಡಿ 2 ಚಮಚ
•ಉಪ್ಪು – ರುಚಿಗೆ ತಕ್ಕಷ್ಟು •ನೀರು – ಅಗತ್ಯಕ್ಕೆ
2.ಮಾಡುವ ವಿಧಾನ: ಚಕ್ಕೆ, ಲವಂಗ, ತೆಂಗಿನಕಾಯಿ ತುರಿ, ಹುಣಿಸೆ, ಬೆಳ್ಳುಳ್ಳಿ ಪೇಸ್ಟ್, ಅಚ್ಚಖಾರದ ಪುಡಿ, ಧನಿಯಾ ಪುಡಿ ಎಲ್ಲವನ್ನೂ ಮಿಕ್ಸಿಗೆ ಹಾಕಿ ನುಣ್ಣಗೆ ರುಬ್ಬಿಕೊಳ್ಳಿ. ಒಂದು ಪ್ಯಾನ್‌ಗೆ ಎಣ್ಣೆ ಹಾಕಿ ಬಿಸಿಯಾದ ಮೇಲೆ ಈರುಳ್ಳಿ, ಟೊಮೆಟೊ ಹಾಕಿ ಬಾಡಿಸಿ. ನಂತರ ರುಬ್ಬಿದ ಮಸಾಲೆ ಹಾಕಿ ಕುದಿಸಿ. ಉಪ್ಪು ಸೇರಿಸಿ ಮೀನು ಹಾಕಿ 10 ನಿಮಿಷ ಬೇಯಿಸಿ. ಕೊತ್ತಂಬರಿ ಸೊಪ್ಪಿನಿಂದ ಅಲಂಕರಿಸಿದರೆ ಮಂಗಳೂರು ಫಿಶ್ ಕರಿ ಸವಿಯಲು ಸಿದ್ಧ.
